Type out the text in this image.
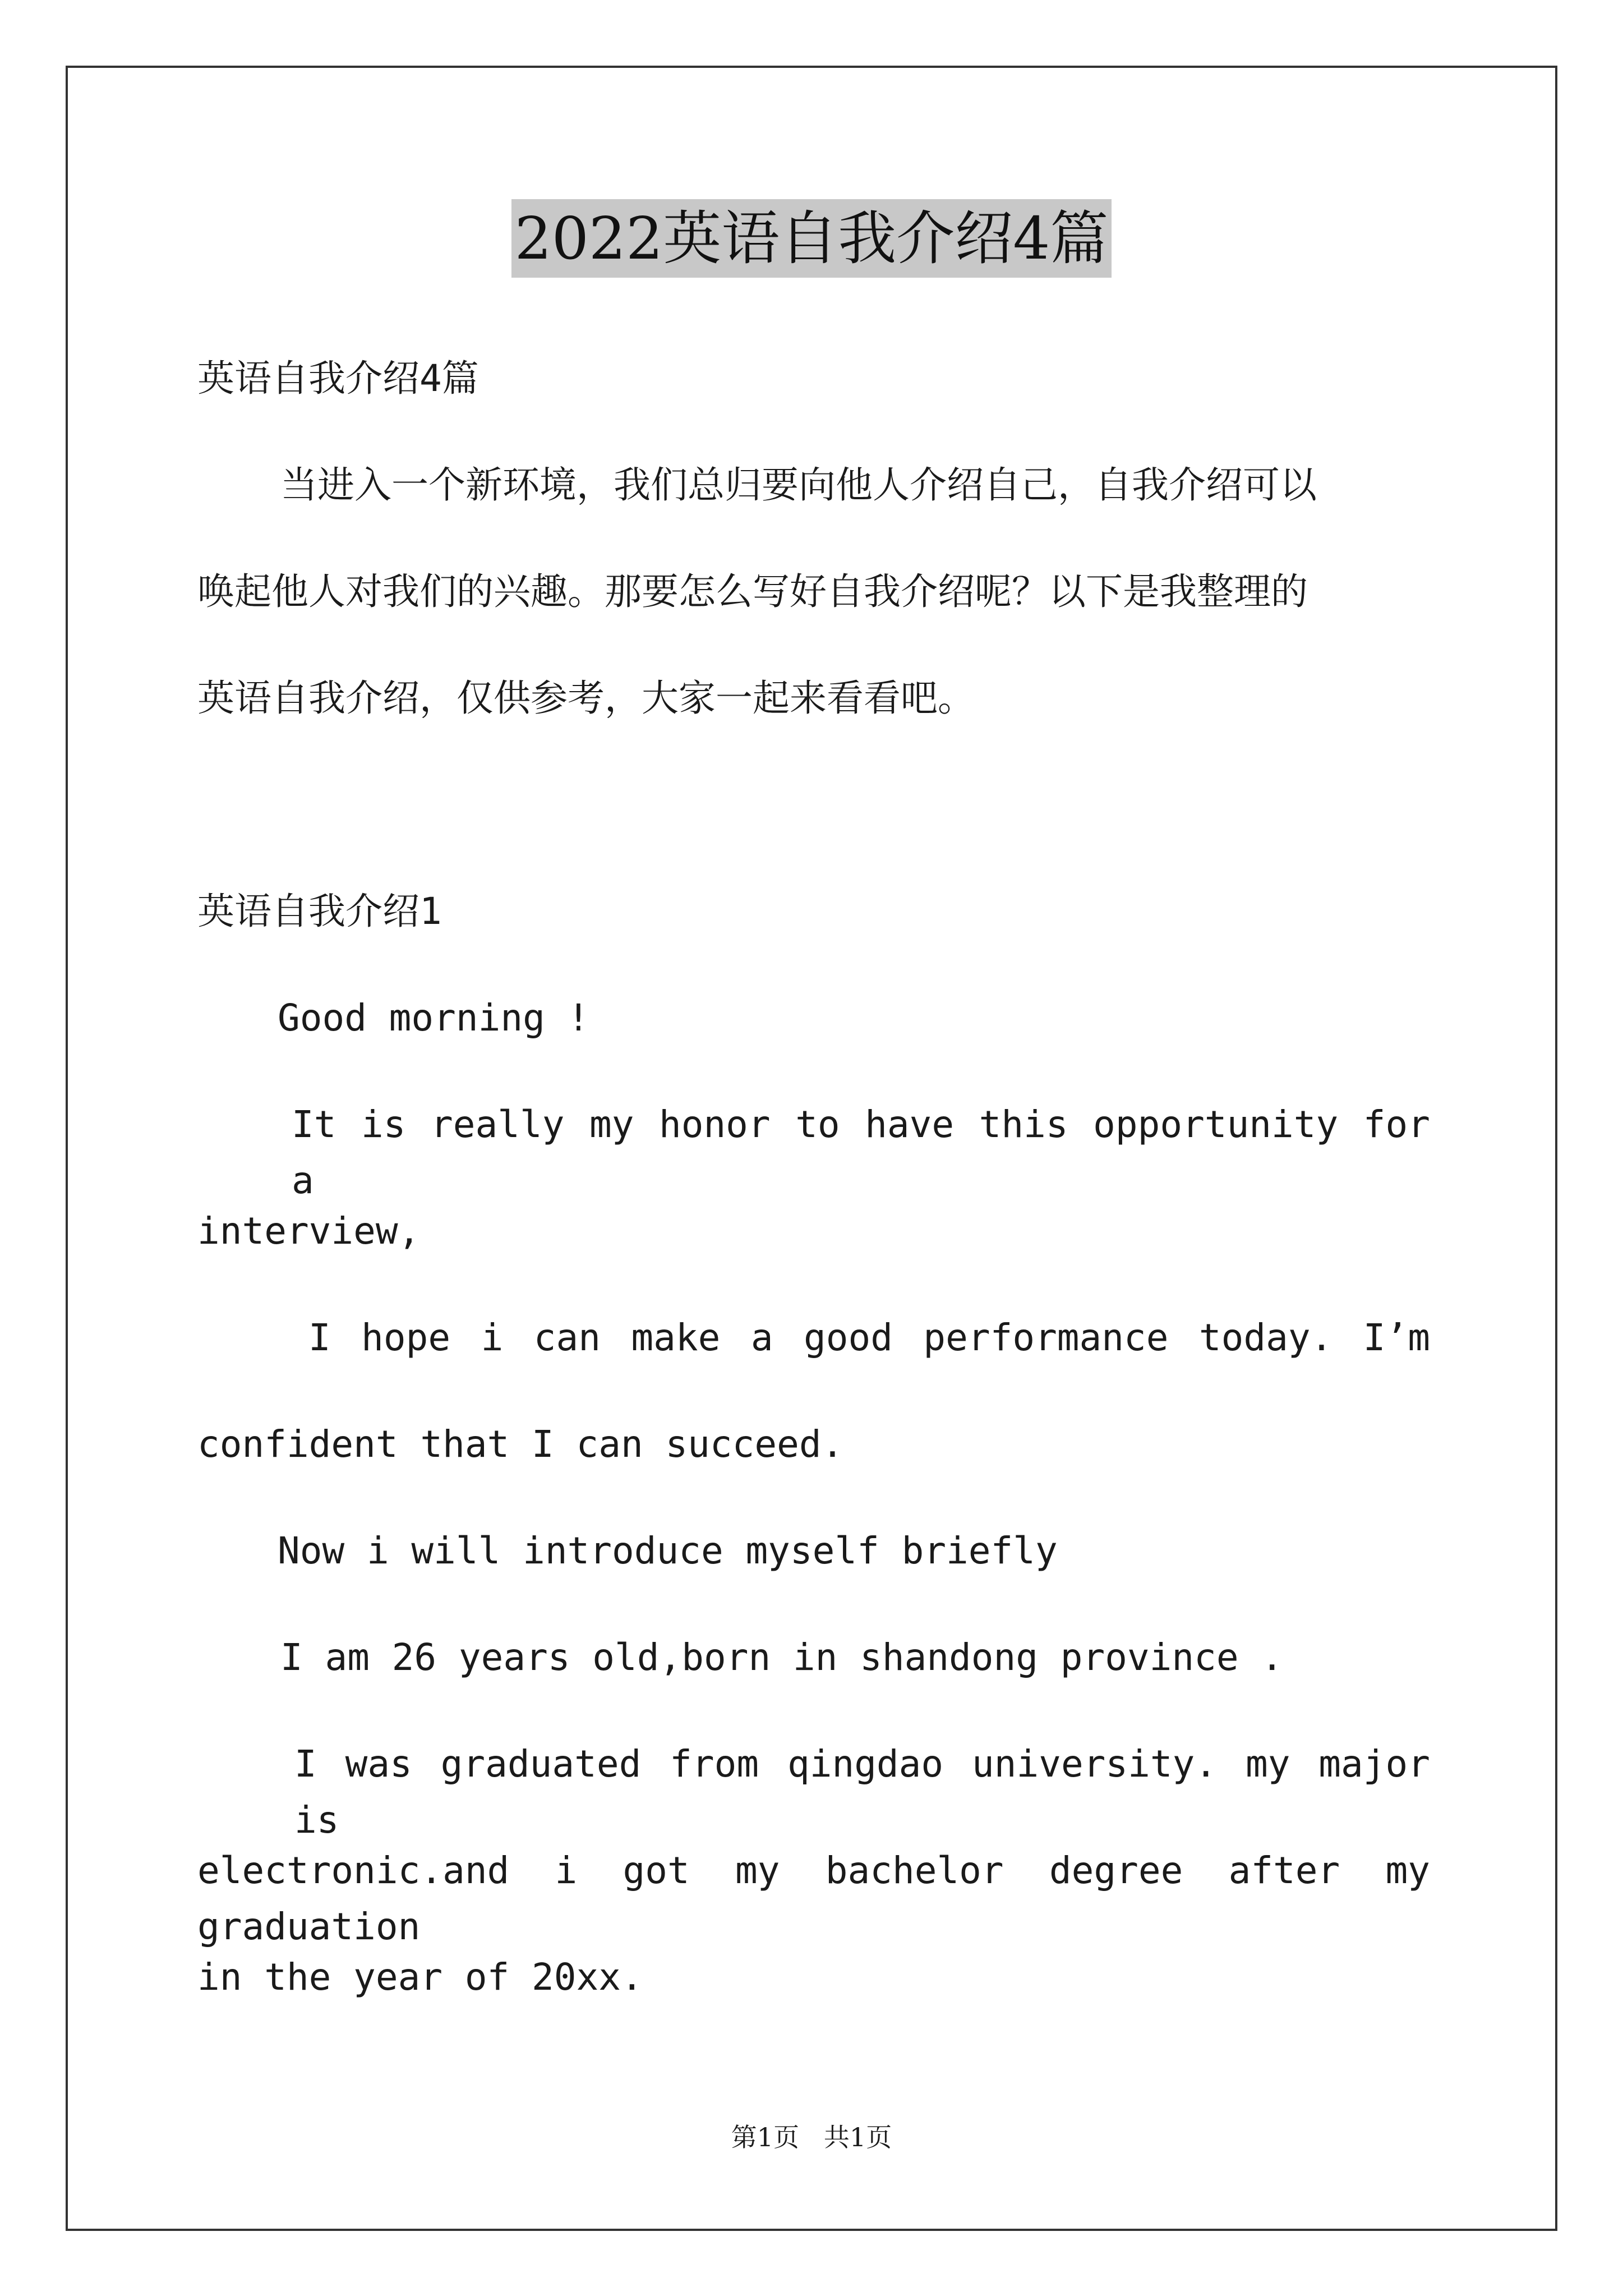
2022英语自我介绍4篇
英语自我介绍4篇
当进入一个新环境，我们总归要向他人介绍自己，自我介绍可以
唤起他人对我们的兴趣。那要怎么写好自我介绍呢？以下是我整理的
英语自我介绍，仅供参考，大家一起来看看吧。
英语自我介绍1
Good morning !
It is really my honor to have this opportunity for a
interview,
I hope i can make a good performance today. I’m
confident that I can succeed.
Now i will introduce myself briefly
I am 26 years old,born in shandong province .
I was graduated from qingdao university. my major is
electronic.and i got my bachelor degree after my graduation
in the year of 20xx.
第1页   共1页
